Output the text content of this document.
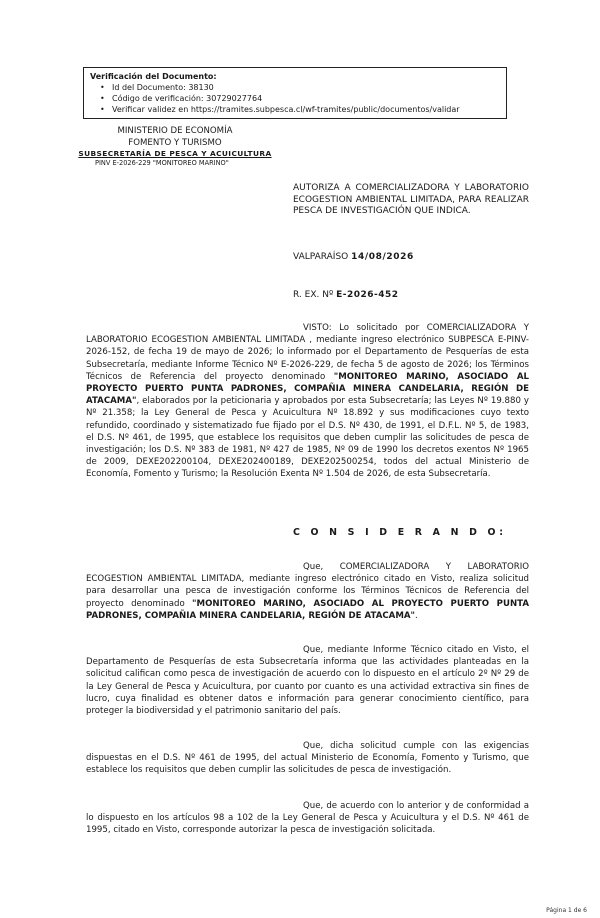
Verificación del Documento:
• Id del Documento: 38130
• Código de verificación: 30729027764
• Verificar validez en https://tramites.subpesca.cl/wf-tramites/public/documentos/validar
MINISTERIO DE ECONOMÍA
FOMENTO Y TURISMO
SUBSECRETARÍA DE PESCA Y ACUICULTURA
PINV E-2026-229 "MONITOREO MARINO"
AUTORIZA A COMERCIALIZADORA Y LABORATORIO ECOGESTION AMBIENTAL LIMITADA, PARA REALIZAR PESCA DE INVESTIGACIÓN QUE INDICA.
VALPARAÍSO 14/08/2026
R. EX. Nº E-2026-452
VISTO: Lo solicitado por COMERCIALIZADORA Y LABORATORIO ECOGESTION AMBIENTAL LIMITADA , mediante ingreso electrónico SUBPESCA E-PINV-2026-152, de fecha 19 de mayo de 2026; lo informado por el Departamento de Pesquerías de esta Subsecretaría, mediante Informe Técnico Nº E-2026-229, de fecha 5 de agosto de 2026; los Términos Técnicos de Referencia del proyecto denominado "MONITOREO MARINO, ASOCIADO AL PROYECTO PUERTO PUNTA PADRONES, COMPAÑIA MINERA CANDELARIA, REGIÓN DE ATACAMA", elaborados por la peticionaria y aprobados por esta Subsecretaría; las Leyes Nº 19.880 y Nº 21.358; la Ley General de Pesca y Acuicultura Nº 18.892 y sus modificaciones cuyo texto refundido, coordinado y sistematizado fue fijado por el D.S. Nº 430, de 1991, el D.F.L. Nº 5, de 1983, el D.S. Nº 461, de 1995, que establece los requisitos que deben cumplir las solicitudes de pesca de investigación; los D.S. Nº 383 de 1981, Nº 427 de 1985, Nº 09 de 1990 los decretos exentos Nº 1965 de 2009, DEXE202200104, DEXE202400189, DEXE202500254, todos del actual Ministerio de Economía, Fomento y Turismo; la Resolución Exenta Nº 1.504 de 2026, de esta Subsecretaría.
C O N S I D E R A N D O:
Que, COMERCIALIZADORA Y LABORATORIO ECOGESTION AMBIENTAL LIMITADA, mediante ingreso electrónico citado en Visto, realiza solicitud para desarrollar una pesca de investigación conforme los Términos Técnicos de Referencia del proyecto denominado "MONITOREO MARINO, ASOCIADO AL PROYECTO PUERTO PUNTA PADRONES, COMPAÑIA MINERA CANDELARIA, REGIÓN DE ATACAMA".
Que, mediante Informe Técnico citado en Visto, el Departamento de Pesquerías de esta Subsecretaría informa que las actividades planteadas en la solicitud califican como pesca de investigación de acuerdo con lo dispuesto en el artículo 2º Nº 29 de la Ley General de Pesca y Acuicultura, por cuanto por cuanto es una actividad extractiva sin fines de lucro, cuya finalidad es obtener datos e información para generar conocimiento científico, para proteger la biodiversidad y el patrimonio sanitario del país.
Que, dicha solicitud cumple con las exigencias dispuestas en el D.S. Nº 461 de 1995, del actual Ministerio de Economía, Fomento y Turismo, que establece los requisitos que deben cumplir las solicitudes de pesca de investigación.
Que, de acuerdo con lo anterior y de conformidad a lo dispuesto en los artículos 98 a 102 de la Ley General de Pesca y Acuicultura y el D.S. Nº 461 de 1995, citado en Visto, corresponde autorizar la pesca de investigación solicitada.
Página 1 de 6
